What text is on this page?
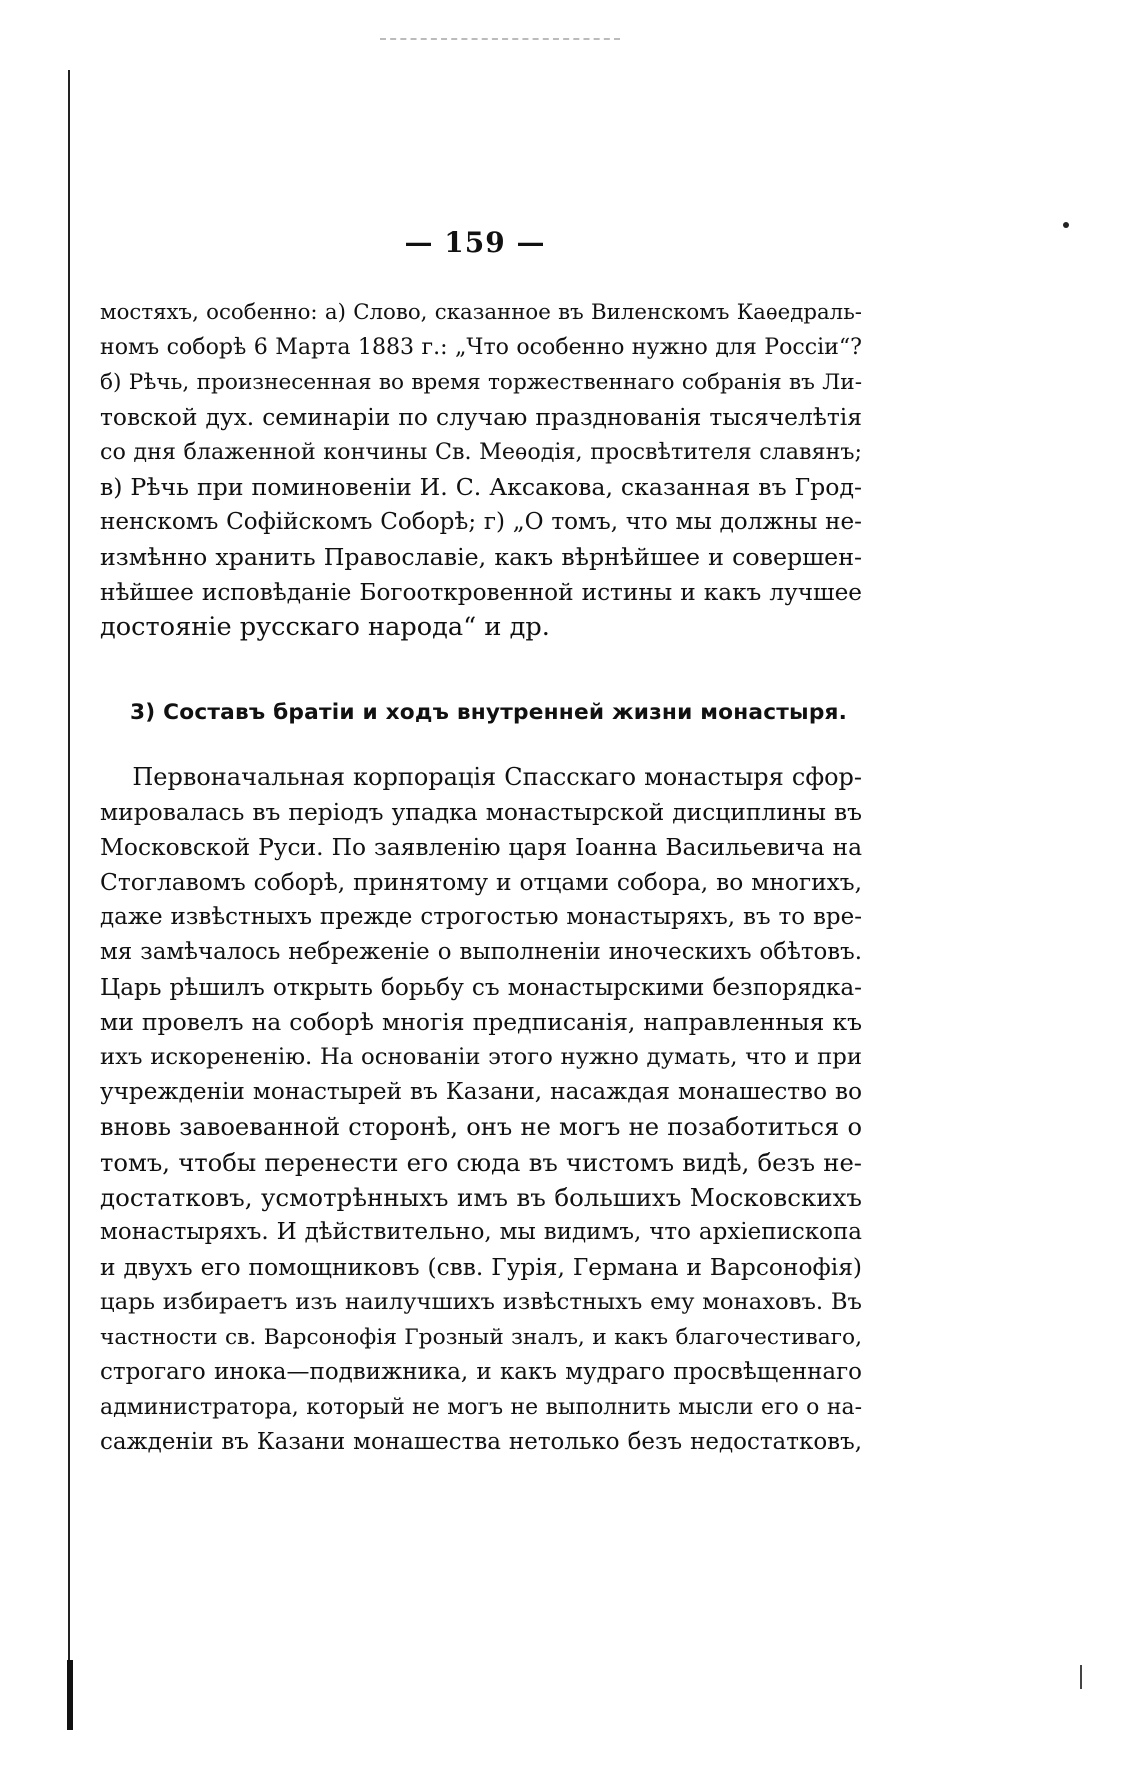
— 159 —
мостяхъ, особенно: а) Слово, сказанное въ Виленскомъ Каѳедраль-
номъ соборѣ 6 Марта 1883 г.: „Что особенно нужно для Россіи“?
б) Рѣчь, произнесенная во время торжественнаго собранія въ Ли-
товской дух. семинаріи по случаю празднованія тысячелѣтія
со дня блаженной кончины Св. Меѳодія, просвѣтителя славянъ;
в) Рѣчь при поминовеніи И. С. Аксакова, сказанная въ Грод-
ненскомъ Софійскомъ Соборѣ; г) „О томъ, что мы должны не-
измѣнно хранить Православіе, какъ вѣрнѣйшее и совершен-
нѣйшее исповѣданіе Богооткровенной истины и какъ лучшее
достояніе русскаго народа“ и др.
3) Составъ братіи и ходъ внутренней жизни монастыря.
Первоначальная корпорація Спасскаго монастыря сфор-
мировалась въ періодъ упадка монастырской дисциплины въ
Московской Руси. По заявленію царя Іоанна Васильевича на
Стоглавомъ соборѣ, принятому и отцами собора, во многихъ,
даже извѣстныхъ прежде строгостью монастыряхъ, въ то вре-
мя замѣчалось небреженіе о выполненіи иноческихъ обѣтовъ.
Царь рѣшилъ открыть борьбу съ монастырскими безпорядка-
ми провелъ на соборѣ многія предписанія, направленныя къ
ихъ искорененію. На основаніи этого нужно думать, что и при
учрежденіи монастырей въ Казани, насаждая монашество во
вновь завоеванной сторонѣ, онъ не могъ не позаботиться о
томъ, чтобы перенести его сюда въ чистомъ видѣ, безъ не-
достатковъ, усмотрѣнныхъ имъ въ большихъ Московскихъ
монастыряхъ. И дѣйствительно, мы видимъ, что архіепископа
и двухъ его помощниковъ (свв. Гурія, Германа и Варсонофія)
царь избираетъ изъ наилучшихъ извѣстныхъ ему монаховъ. Въ
частности св. Варсонофія Грозный зналъ, и какъ благочестиваго,
строгаго инока—подвижника, и какъ мудраго просвѣщеннаго
администратора, который не могъ не выполнить мысли его о на-
сажденіи въ Казани монашества нетолько безъ недостатковъ,
